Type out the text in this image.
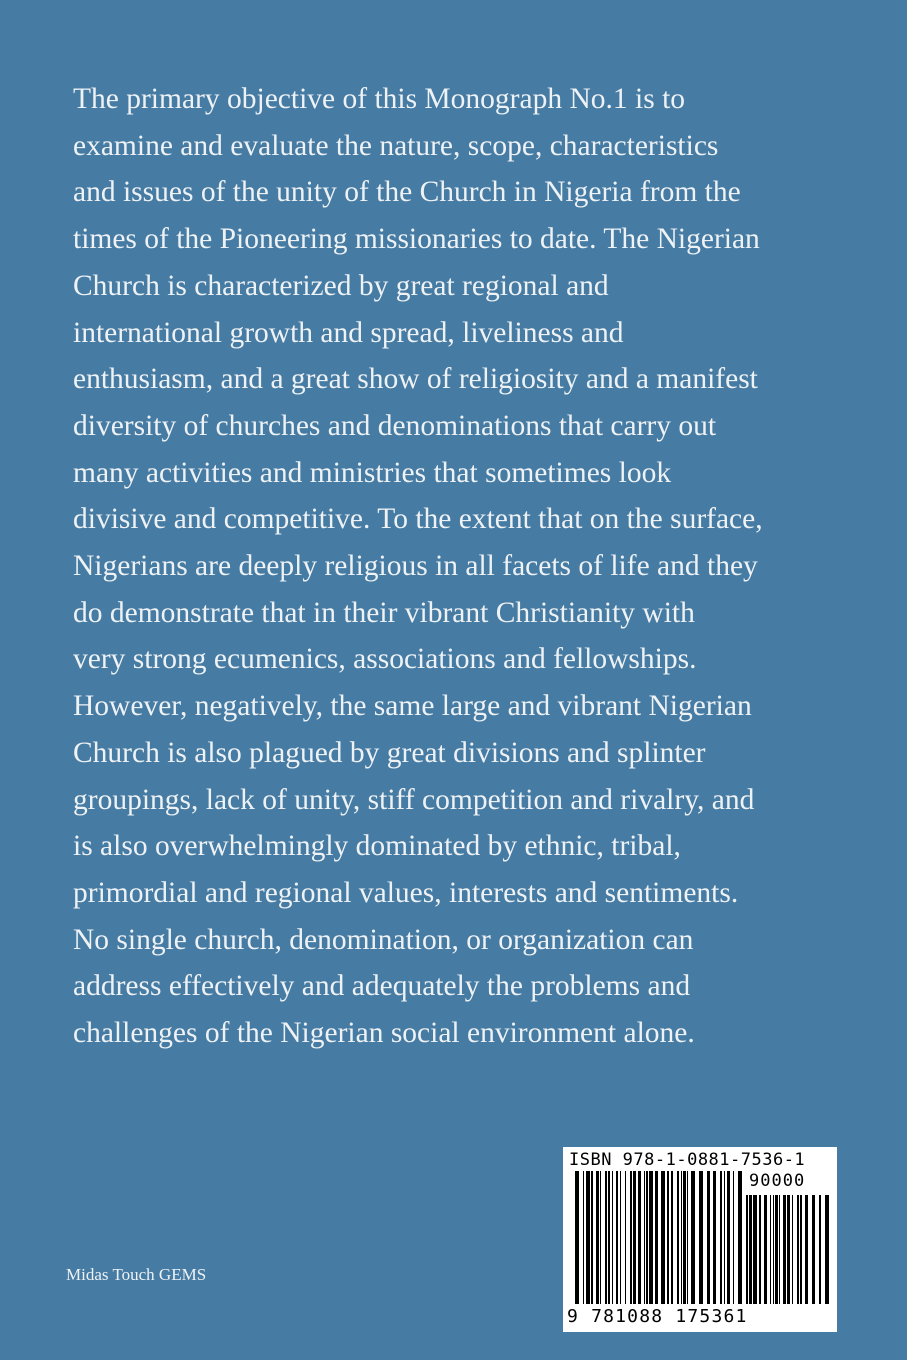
The primary objective of this Monograph No.1 is to
examine and evaluate the nature, scope, characteristics
and issues of the unity of the Church in Nigeria from the
times of the Pioneering missionaries to date. The Nigerian
Church is characterized by great regional and
international growth and spread, liveliness and
enthusiasm, and a great show of religiosity and a manifest
diversity of churches and denominations that carry out
many activities and ministries that sometimes look
divisive and competitive. To the extent that on the surface,
Nigerians are deeply religious in all facets of life and they
do demonstrate that in their vibrant Christianity with
very strong ecumenics, associations and fellowships.
However, negatively, the same large and vibrant Nigerian
Church is also plagued by great divisions and splinter
groupings, lack of unity, stiff competition and rivalry, and
is also overwhelmingly dominated by ethnic, tribal,
primordial and regional values, interests and sentiments.
No single church, denomination, or organization can
address effectively and adequately the problems and
challenges of the Nigerian social environment alone.
Midas Touch GEMS
ISBN 978-1-0881-7536-1
90000
9 781088 175361
